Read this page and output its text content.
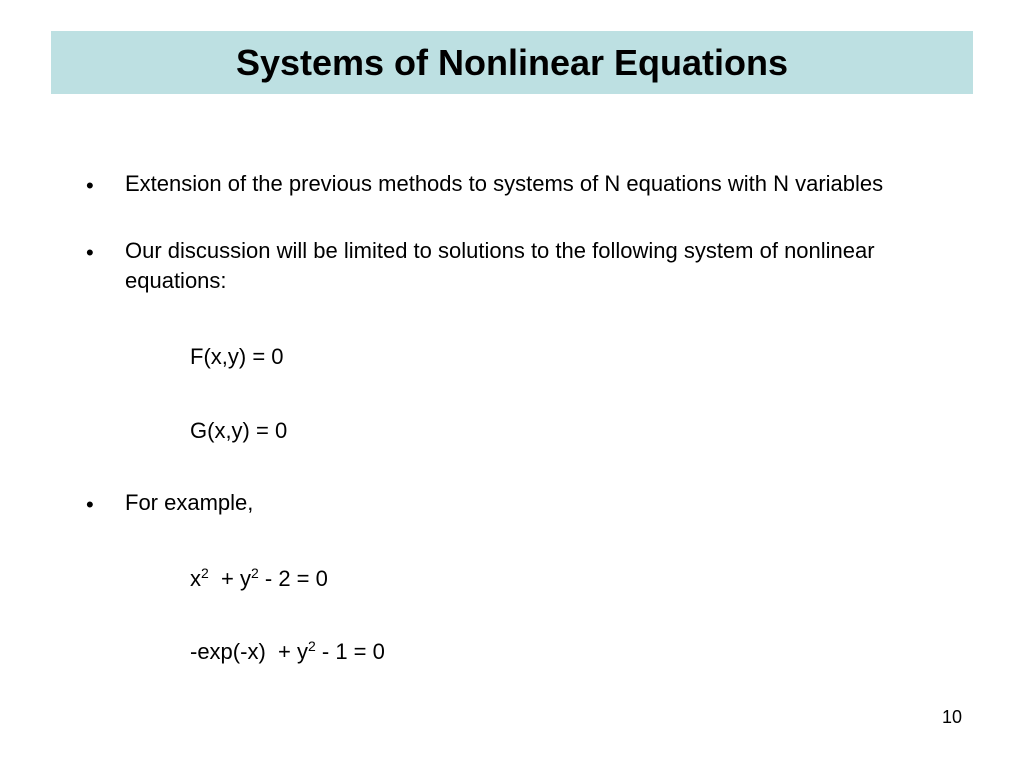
Systems of Nonlinear Equations
• Extension of the previous methods to systems of N equations with N variables
• Our discussion will be limited to solutions to the following system of nonlinear equations:
F(x,y) = 0
G(x,y) = 0
• For example,
$x^2 + y^2 - 2 = 0$
$-\exp(-x) + y^2 - 1 = 0$
10
